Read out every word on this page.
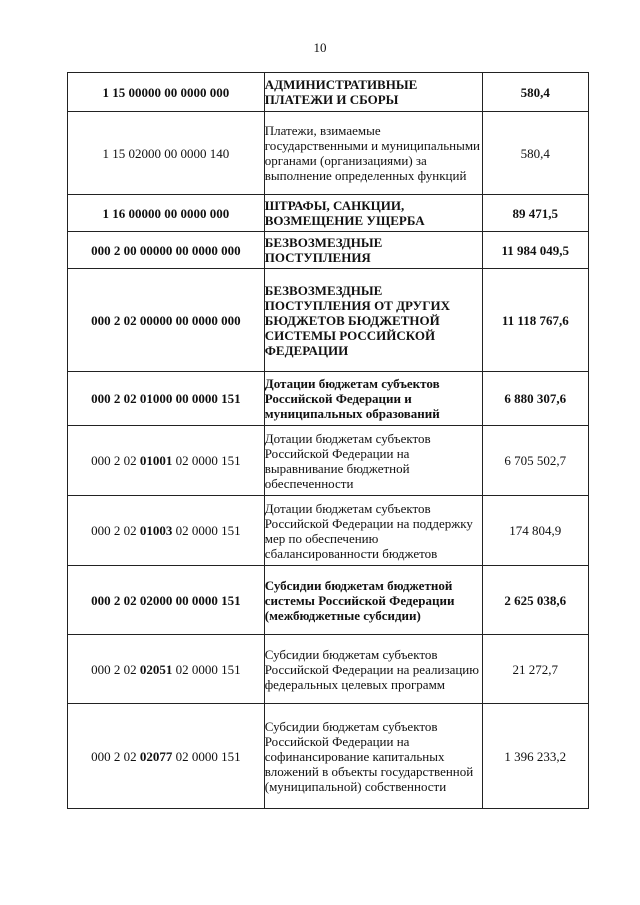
10
1 15 00000 00 0000 000	АДМИНИСТРАТИВНЫЕ ПЛАТЕЖИ И СБОРЫ	580,4
1 15 02000 00 0000 140	Платежи, взимаемые государственными и муниципальными органами (организациями) за выполнение определенных функций	580,4
1 16 00000 00 0000 000	ШТРАФЫ, САНКЦИИ, ВОЗМЕЩЕНИЕ УЩЕРБА	89 471,5
000 2 00 00000 00 0000 000	БЕЗВОЗМЕЗДНЫЕ ПОСТУПЛЕНИЯ	11 984 049,5
000 2 02 00000 00 0000 000	БЕЗВОЗМЕЗДНЫЕ ПОСТУПЛЕНИЯ ОТ ДРУГИХ БЮДЖЕТОВ БЮДЖЕТНОЙ СИСТЕМЫ РОССИЙСКОЙ ФЕДЕРАЦИИ	11 118 767,6
000 2 02 01000 00 0000 151	Дотации бюджетам субъектов Российской Федерации и муниципальных образований	6 880 307,6
000 2 02 01001 02 0000 151	Дотации бюджетам субъектов Российской Федерации на выравнивание бюджетной обеспеченности	6 705 502,7
000 2 02 01003 02 0000 151	Дотации бюджетам субъектов Российской Федерации на поддержку мер по обеспечению сбалансированности бюджетов	174 804,9
000 2 02 02000 00 0000 151	Субсидии бюджетам бюджетной системы Российской Федерации (межбюджетные субсидии)	2 625 038,6
000 2 02 02051 02 0000 151	Субсидии бюджетам субъектов Российской Федерации на реализацию федеральных целевых программ	21 272,7
000 2 02 02077 02 0000 151	Субсидии бюджетам субъектов Российской Федерации на софинансирование капитальных вложений в объекты государственной (муниципальной) собственности	1 396 233,2
